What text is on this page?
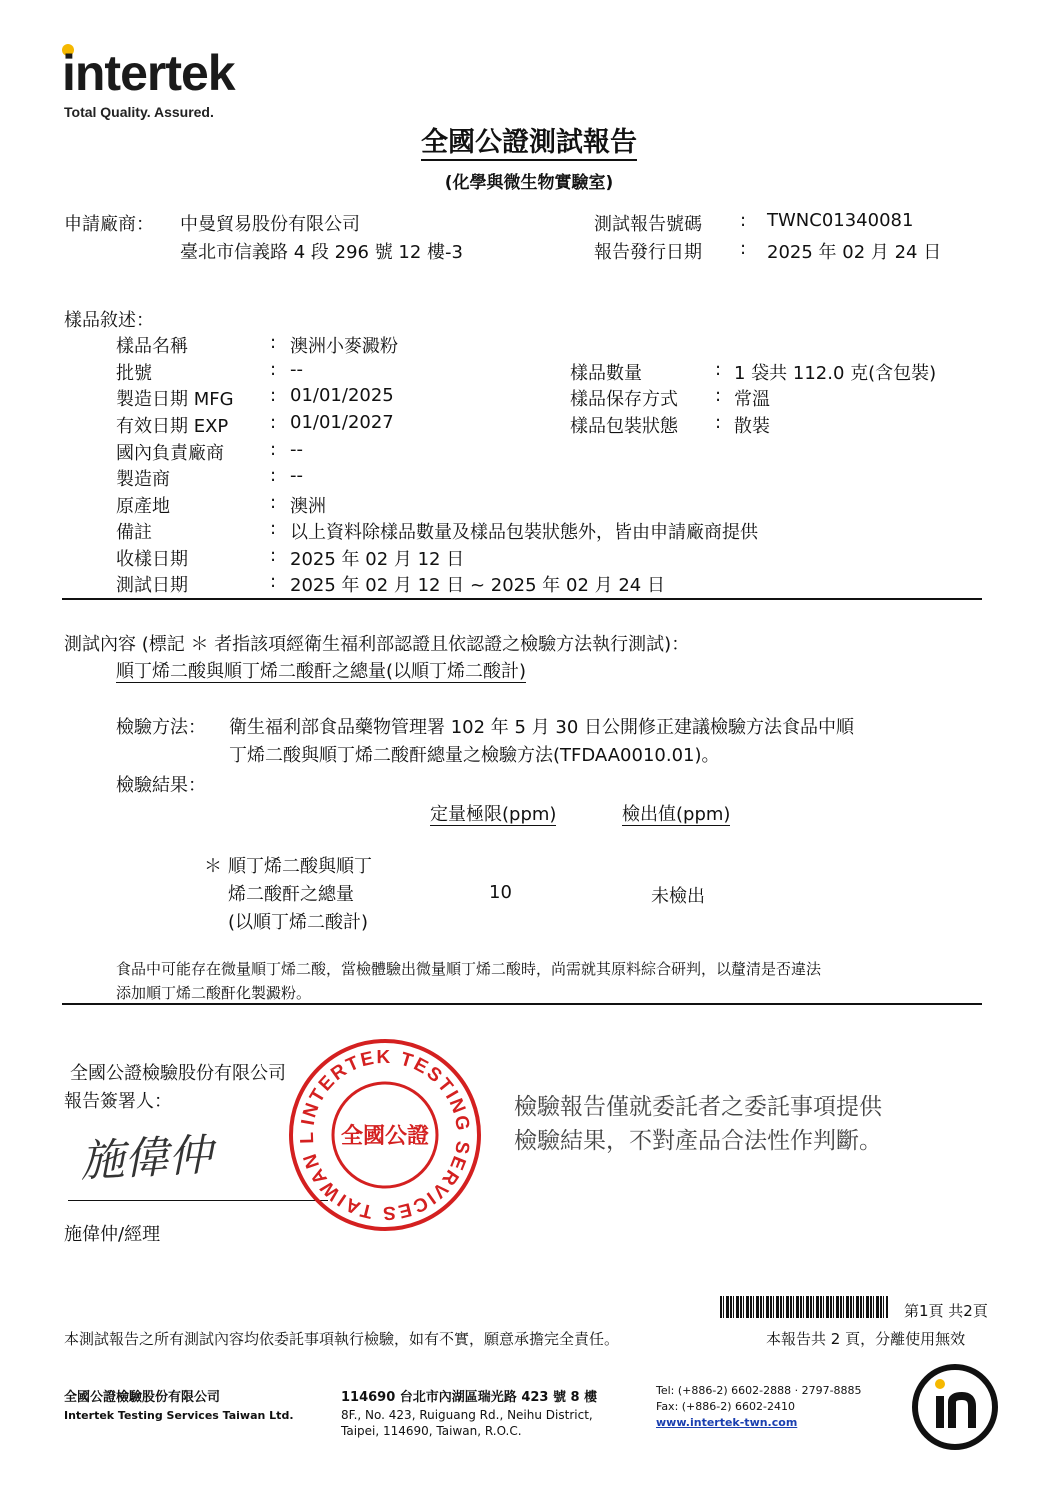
intertek
Total Quality. Assured.
全國公證測試報告
(化學與微生物實驗室)
申請廠商： 中曼貿易股份有限公司
臺北市信義路 4 段 296 號 12 樓-3
測試報告號碼 : TWNC01340081
報告發行日期 : 2025 年 02 月 24 日
樣品敘述：
樣品名稱	: 澳洲小麥澱粉
批號	: --
製造日期 MFG : 01/01/2025
有效日期 EXP : 01/01/2027
國內負責廠商	: --
製造商	: --
原產地	: 澳洲
備註	: 以上資料除樣品數量及樣品包裝狀態外，皆由申請廠商提供
收樣日期	: 2025 年 02 月 12 日
測試日期	: 2025 年 02 月 12 日 ~ 2025 年 02 月 24 日
樣品數量	: 1 袋共 112.0 克(含包裝)
樣品保存方式 : 常溫
樣品包裝狀態 : 散裝
測試內容 (標記 ＊ 者指該項經衛生福利部認證且依認證之檢驗方法執行測試)：
順丁烯二酸與順丁烯二酸酐之總量(以順丁烯二酸計)
檢驗方法： 衛生福利部食品藥物管理署 102 年 5 月 30 日公開修正建議檢驗方法食品中順
丁烯二酸與順丁烯二酸酐總量之檢驗方法(TFDAA0010.01)。
檢驗結果：
定量極限(ppm)	檢出值(ppm)
＊ 順丁烯二酸與順丁
烯二酸酐之總量
(以順丁烯二酸計)
10	未檢出
食品中可能存在微量順丁烯二酸，當檢體驗出微量順丁烯二酸時，尚需就其原料綜合研判，以釐清是否違法
添加順丁烯二酸酐化製澱粉。
全國公證檢驗股份有限公司
報告簽署人：
施偉仲
施偉仲/經理
INTERTEK TESTING SERVICES TAIWAN L	全國公證
檢驗報告僅就委託者之委託事項提供
檢驗結果，不對產品合法性作判斷。
第1頁 共2頁
本測試報告之所有測試內容均依委託事項執行檢驗，如有不實，願意承擔完全責任。	本報告共 2 頁，分離使用無效
全國公證檢驗股份有限公司
Intertek Testing Services Taiwan Ltd.
114690 台北市內湖區瑞光路 423 號 8 樓
8F., No. 423, Ruiguang Rd., Neihu District,
Taipei, 114690, Taiwan, R.O.C.
Tel: (+886-2) 6602-2888 · 2797-8885
Fax: (+886-2) 6602-2410
www.intertek-twn.com
